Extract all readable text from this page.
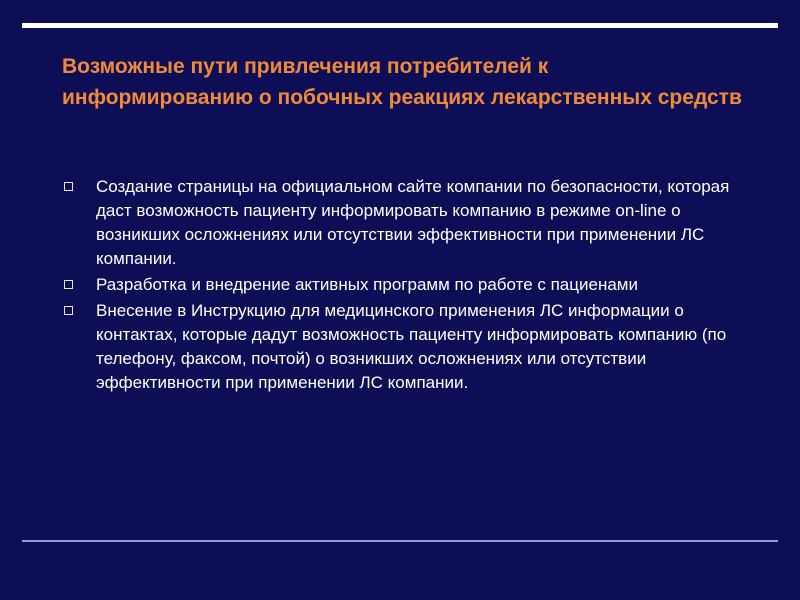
Возможные пути привлечения потребителей к информированию о побочных реакциях лекарственных средств
Создание страницы на официальном сайте компании по безопасности, которая даст возможность пациенту информировать компанию в режиме on-line о возникших осложнениях или отсутствии эффективности при применении ЛС компании.
Разработка и внедрение активных программ по работе с пациенами
Внесение в Инструкцию для медицинского применения ЛС информации о контактах, которые дадут возможность пациенту информировать компанию (по телефону, факсом, почтой) о возникших осложнениях или отсутствии эффективности при применении ЛС компании.
